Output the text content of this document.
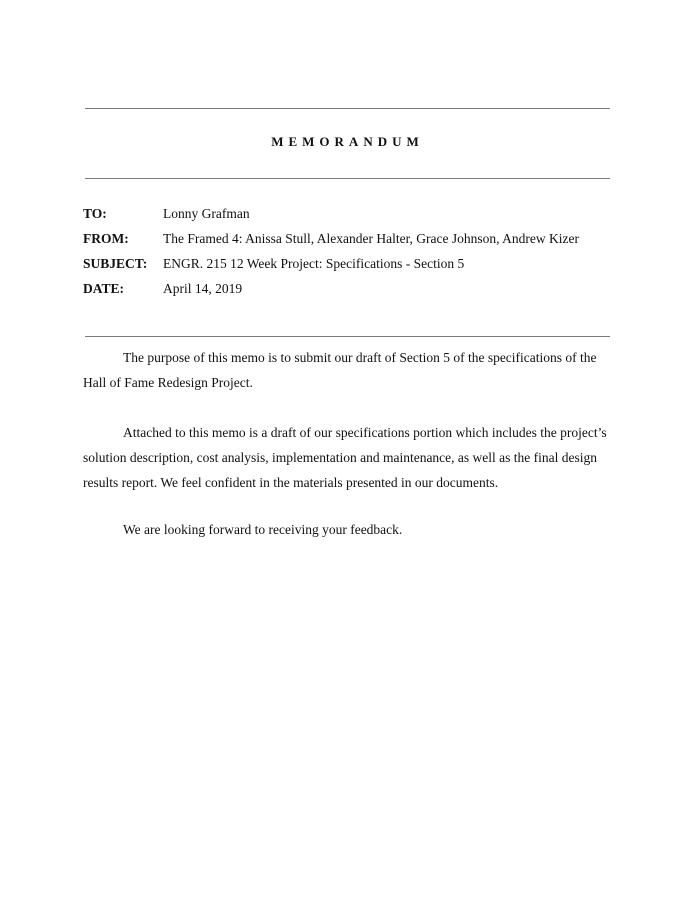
MEMORANDUM
TO:	Lonny Grafman
FROM:	The Framed 4: Anissa Stull, Alexander Halter, Grace Johnson, Andrew Kizer
SUBJECT: ENGR. 215 12 Week Project: Specifications - Section 5
DATE:	April 14, 2019

The purpose of this memo is to submit our draft of Section 5 of the specifications of the Hall of Fame Redesign Project.

Attached to this memo is a draft of our specifications portion which includes the project’s solution description, cost analysis, implementation and maintenance, as well as the final design results report. We feel confident in the materials presented in our documents.

We are looking forward to receiving your feedback.
